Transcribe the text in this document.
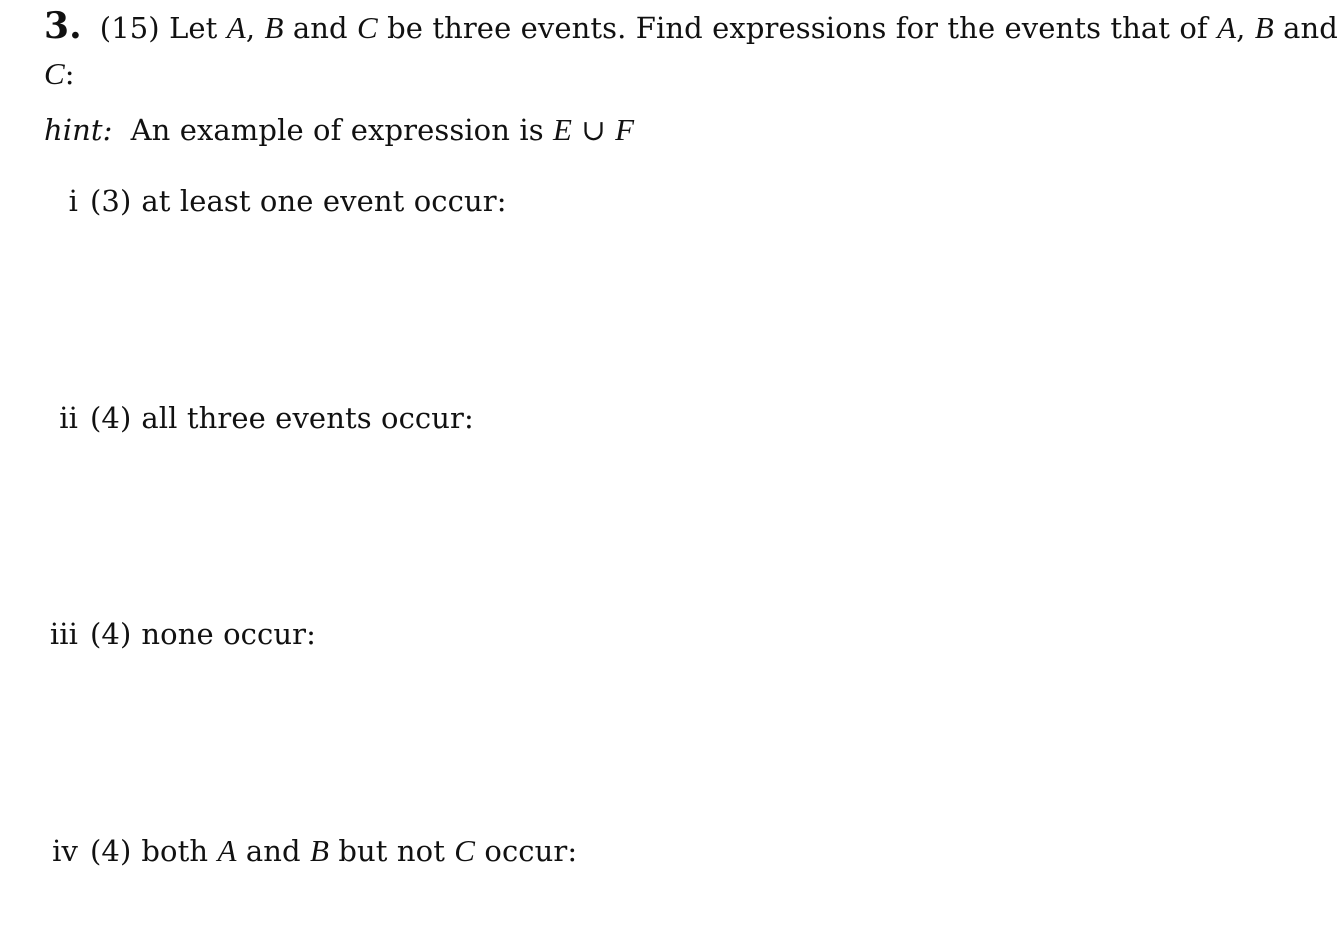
3. (15) Let A, B and C be three events. Find expressions for the events that of A, B and
C:
hint: An example of expression is E ∪ F
i (3) at least one event occur:
ii (4) all three events occur:
iii (4) none occur:
iv (4) both A and B but not C occur:
